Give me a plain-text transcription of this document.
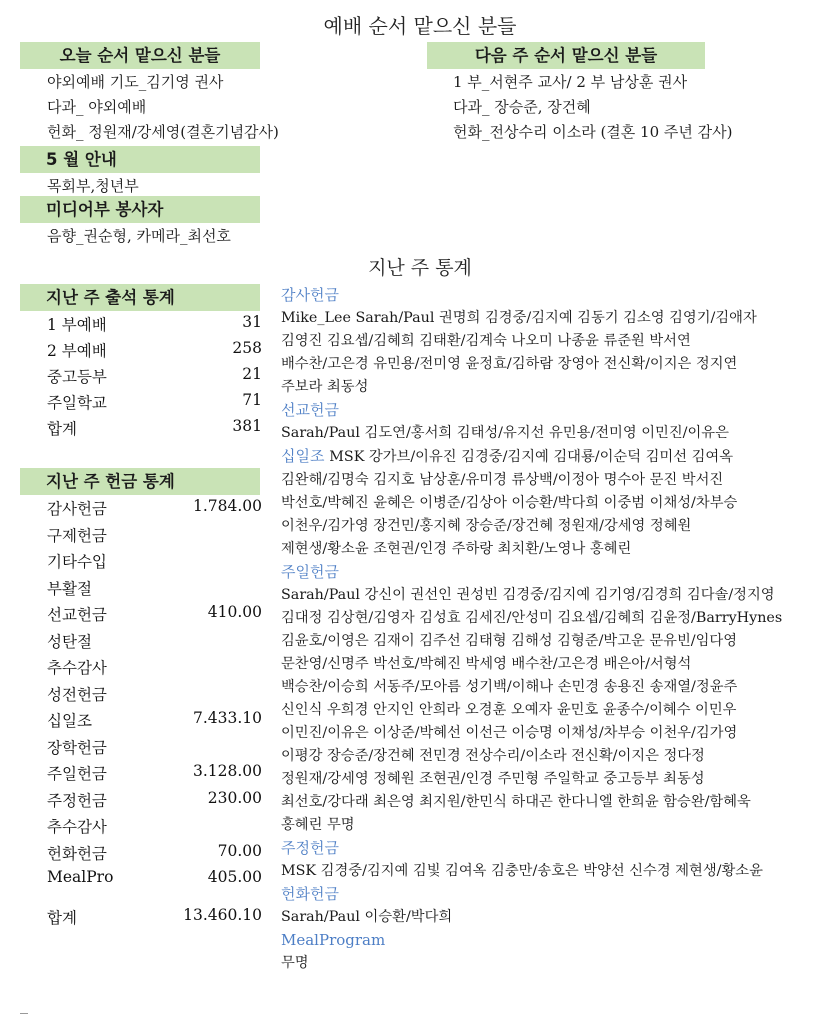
예배 순서 맡으신 분들
오늘 순서 맡으신 분들
야외예배 기도_김기영 권사
다과_ 야외예배
헌화_ 정원재/강세영(결혼기념감사)
다음 주 순서 맡으신 분들
1 부_서현주 교사/ 2 부 남상훈 권사
다과_ 장승준, 장건혜
헌화_전상수리 이소라 (결혼 10 주년 감사)
5 월 안내
목회부,청년부
미디어부 봉사자
음향_권순형, 카메라_최선호
지난 주 통계
지난 주 출석 통계
1 부예배	31
2 부예배	258
중고등부	21
주일학교	71
합계	381
지난 주 헌금 통계
감사헌금	1.784.00
구제헌금
기타수입
부활절
선교헌금	410.00
성탄절
추수감사
성전헌금
십일조	7.433.10
장학헌금
주일헌금	3.128.00
주정헌금	230.00
추수감사
헌화헌금	70.00
MealPro	405.00
합계	13.460.10
감사헌금
Mike_Lee Sarah/Paul 권명희 김경중/김지예 김동기 김소영 김영기/김애자
김영진 김요셉/김혜희 김태환/김계숙 나오미 나종윤 류준원 박서연
배수찬/고은경 유민용/전미영 윤정효/김하람 장영아 전신확/이지은 정지연
주보라 최동성
선교헌금
Sarah/Paul 김도연/홍서희 김태성/유지선 유민용/전미영 이민진/이유은
십일조 MSK 강가브/이유진 김경중/김지예 김대룡/이순덕 김미선 김여옥
김완해/김명숙 김지호 남상훈/유미경 류상백/이정아 명수아 문진 박서진
박선호/박혜진 윤혜은 이병준/김상아 이승환/박다희 이중범 이채성/차부승
이천우/김가영 장건민/홍지혜 장승준/장건혜 정원재/강세영 정혜원
제현생/황소윤 조현권/인경 주하랑 최치환/노영나 홍혜린
주일헌금
Sarah/Paul 강신이 권선인 권성빈 김경중/김지예 김기영/김경희 김다솔/정지영
김대정 김상현/김영자 김성효 김세진/안성미 김요셉/김혜희 김윤정/BarryHynes
김윤호/이영은 김재이 김주선 김태형 김해성 김형준/박고운 문유빈/임다영
문찬영/신명주 박선호/박혜진 박세영 배수찬/고은경 배은아/서형석
백승찬/이승희 서동주/모아름 성기백/이해나 손민경 송용진 송재열/정윤주
신인식 우희경 안지인 안희라 오경훈 오예자 윤민호 윤종수/이혜수 이민우
이민진/이유은 이상준/박혜선 이선근 이승명 이채성/차부승 이천우/김가영
이평강 장승준/장건혜 전민경 전상수리/이소라 전신확/이지은 정다정
정원재/강세영 정혜원 조현권/인경 주민형 주일학교 중고등부 최동성
최선호/강다래 최은영 최지원/한민식 하대곤 한다니엘 한희윤 함승완/함혜욱
홍혜린 무명
주정헌금
MSK 김경중/김지예 김빛 김여옥 김충만/송호은 박양선 신수경 제현생/황소윤
헌화헌금
Sarah/Paul 이승환/박다희
MealProgram
무명
